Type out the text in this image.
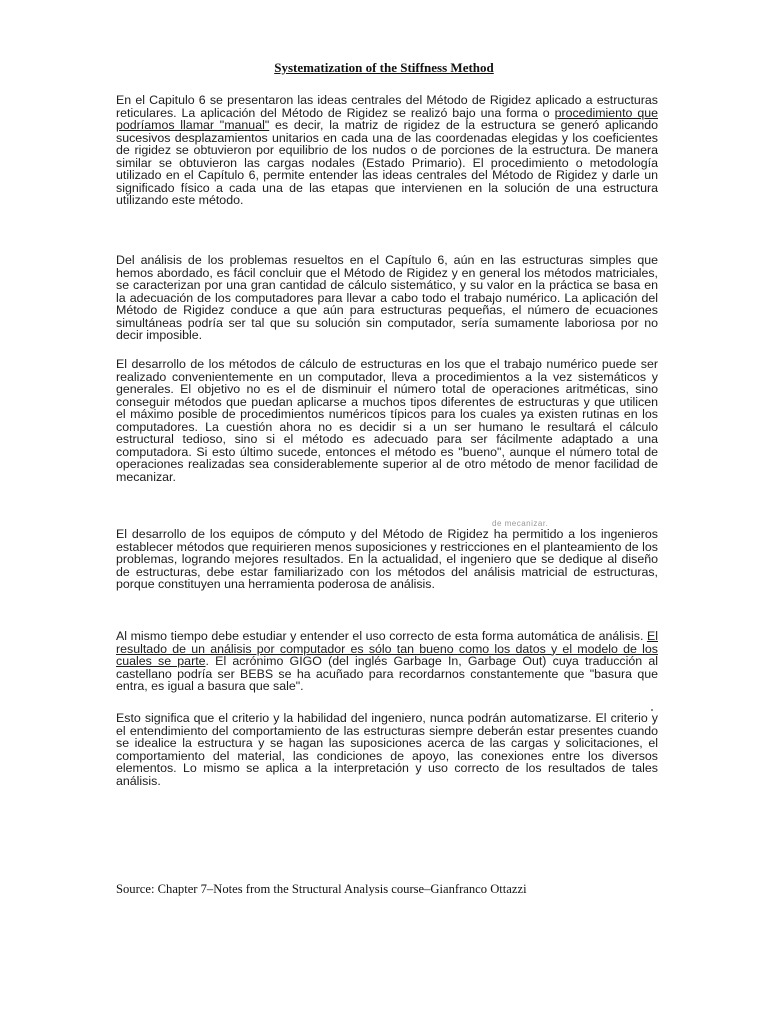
Systematization of the Stiffness Method

En el Capitulo 6 se presentaron las ideas centrales del Método de Rigidez aplicado a estructuras reticulares. La aplicación del Método de Rigidez se realizó bajo una forma o procedimiento que podríamos llamar "manual" es decir, la matriz de rigidez de la estructura se generó aplicando sucesivos desplazamientos unitarios en cada una de las coordenadas elegidas y los coeficientes de rigidez se obtuvieron por equilibrio de los nudos o de porciones de la estructura. De manera similar se obtuvieron las cargas nodales (Estado Primario). El procedimiento o metodología utilizado en el Capítulo 6, permite entender las ideas centrales del Método de Rigidez y darle un significado físico a cada una de las etapas que intervienen en la solución de una estructura utilizando este método.

Del análisis de los problemas resueltos en el Capítulo 6, aún en las estructuras simples que hemos abordado, es fácil concluir que el Método de Rigidez y en general los métodos matriciales, se caracterizan por una gran cantidad de cálculo sistemático, y su valor en la práctica se basa en la adecuación de los computadores para llevar a cabo todo el trabajo numérico. La aplicación del Método de Rigidez conduce a que aún para estructuras pequeñas, el número de ecuaciones simultáneas podría ser tal que su solución sin computador, sería sumamente laboriosa por no decir imposible.

El desarrollo de los métodos de cálculo de estructuras en los que el trabajo numérico puede ser realizado convenientemente en un computador, lleva a procedimientos a la vez sistemáticos y generales. El objetivo no es el de disminuir el número total de operaciones aritméticas, sino conseguir métodos que puedan aplicarse a muchos tipos diferentes de estructuras y que utilicen el máximo posible de procedimientos numéricos típicos para los cuales ya existen rutinas en los computadores. La cuestión ahora no es decidir si a un ser humano le resultará el cálculo estructural tedioso, sino si el método es adecuado para ser fácilmente adaptado a una computadora. Si esto último sucede, entonces el método es "bueno", aunque el número total de operaciones realizadas sea considerablemente superior al de otro método de menor facilidad de mecanizar.

de mecanizar.

El desarrollo de los equipos de cómputo y del Método de Rigidez ha permitido a los ingenieros establecer métodos que requirieren menos suposiciones y restricciones en el planteamiento de los problemas, logrando mejores resultados. En la actualidad, el ingeniero que se dedique al diseño de estructuras, debe estar familiarizado con los métodos del análisis matricial de estructuras, porque constituyen una herramienta poderosa de análisis.

Al mismo tiempo debe estudiar y entender el uso correcto de esta forma automática de análisis. El resultado de un análisis por computador es sólo tan bueno como los datos y el modelo de los cuales se parte. El acrónimo GIGO (del inglés Garbage In, Garbage Out) cuya traducción al castellano podría ser BEBS se ha acuñado para recordarnos constantemente que "basura que entra, es igual a basura que sale".

Esto significa que el criterio y la habilidad del ingeniero, nunca podrán automatizarse. El criterio y el entendimiento del comportamiento de las estructuras siempre deberán estar presentes cuando se idealice la estructura y se hagan las suposiciones acerca de las cargas y solicitaciones, el comportamiento del material, las condiciones de apoyo, las conexiones entre los diversos elementos. Lo mismo se aplica a la interpretación y uso correcto de los resultados de tales análisis.

Source: Chapter 7–Notes from the Structural Analysis course–Gianfranco Ottazzi
